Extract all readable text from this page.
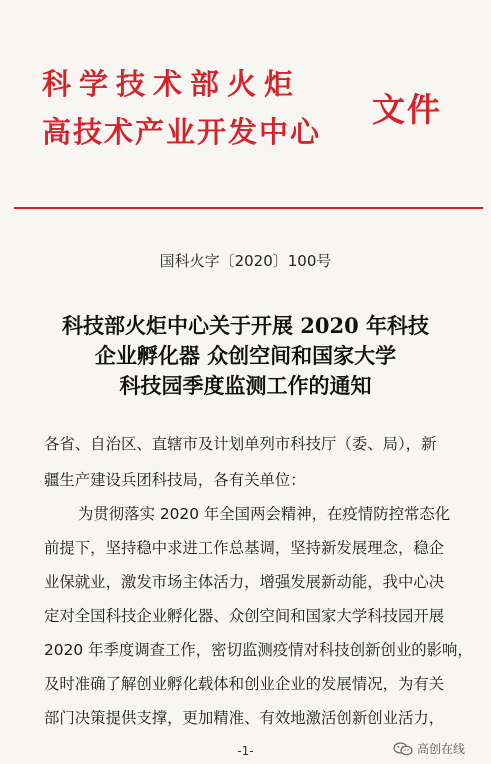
科学技术部火炬
高技术产业开发中心
文件
国科火字〔2020〕100号
科技部火炬中心关于开展 2020 年科技
企业孵化器 众创空间和国家大学
科技园季度监测工作的通知
各省、自治区、直辖市及计划单列市科技厅（委、局），新
疆生产建设兵团科技局，各有关单位：
为贯彻落实 2020 年全国两会精神，在疫情防控常态化
前提下，坚持稳中求进工作总基调，坚持新发展理念，稳企
业保就业，激发市场主体活力，增强发展新动能，我中心决
定对全国科技企业孵化器、众创空间和国家大学科技园开展
2020 年季度调查工作，密切监测疫情对科技创新创业的影响，
及时准确了解创业孵化载体和创业企业的发展情况，为有关
部门决策提供支撑，更加精准、有效地激活创新创业活力，
-1-	高创在线
